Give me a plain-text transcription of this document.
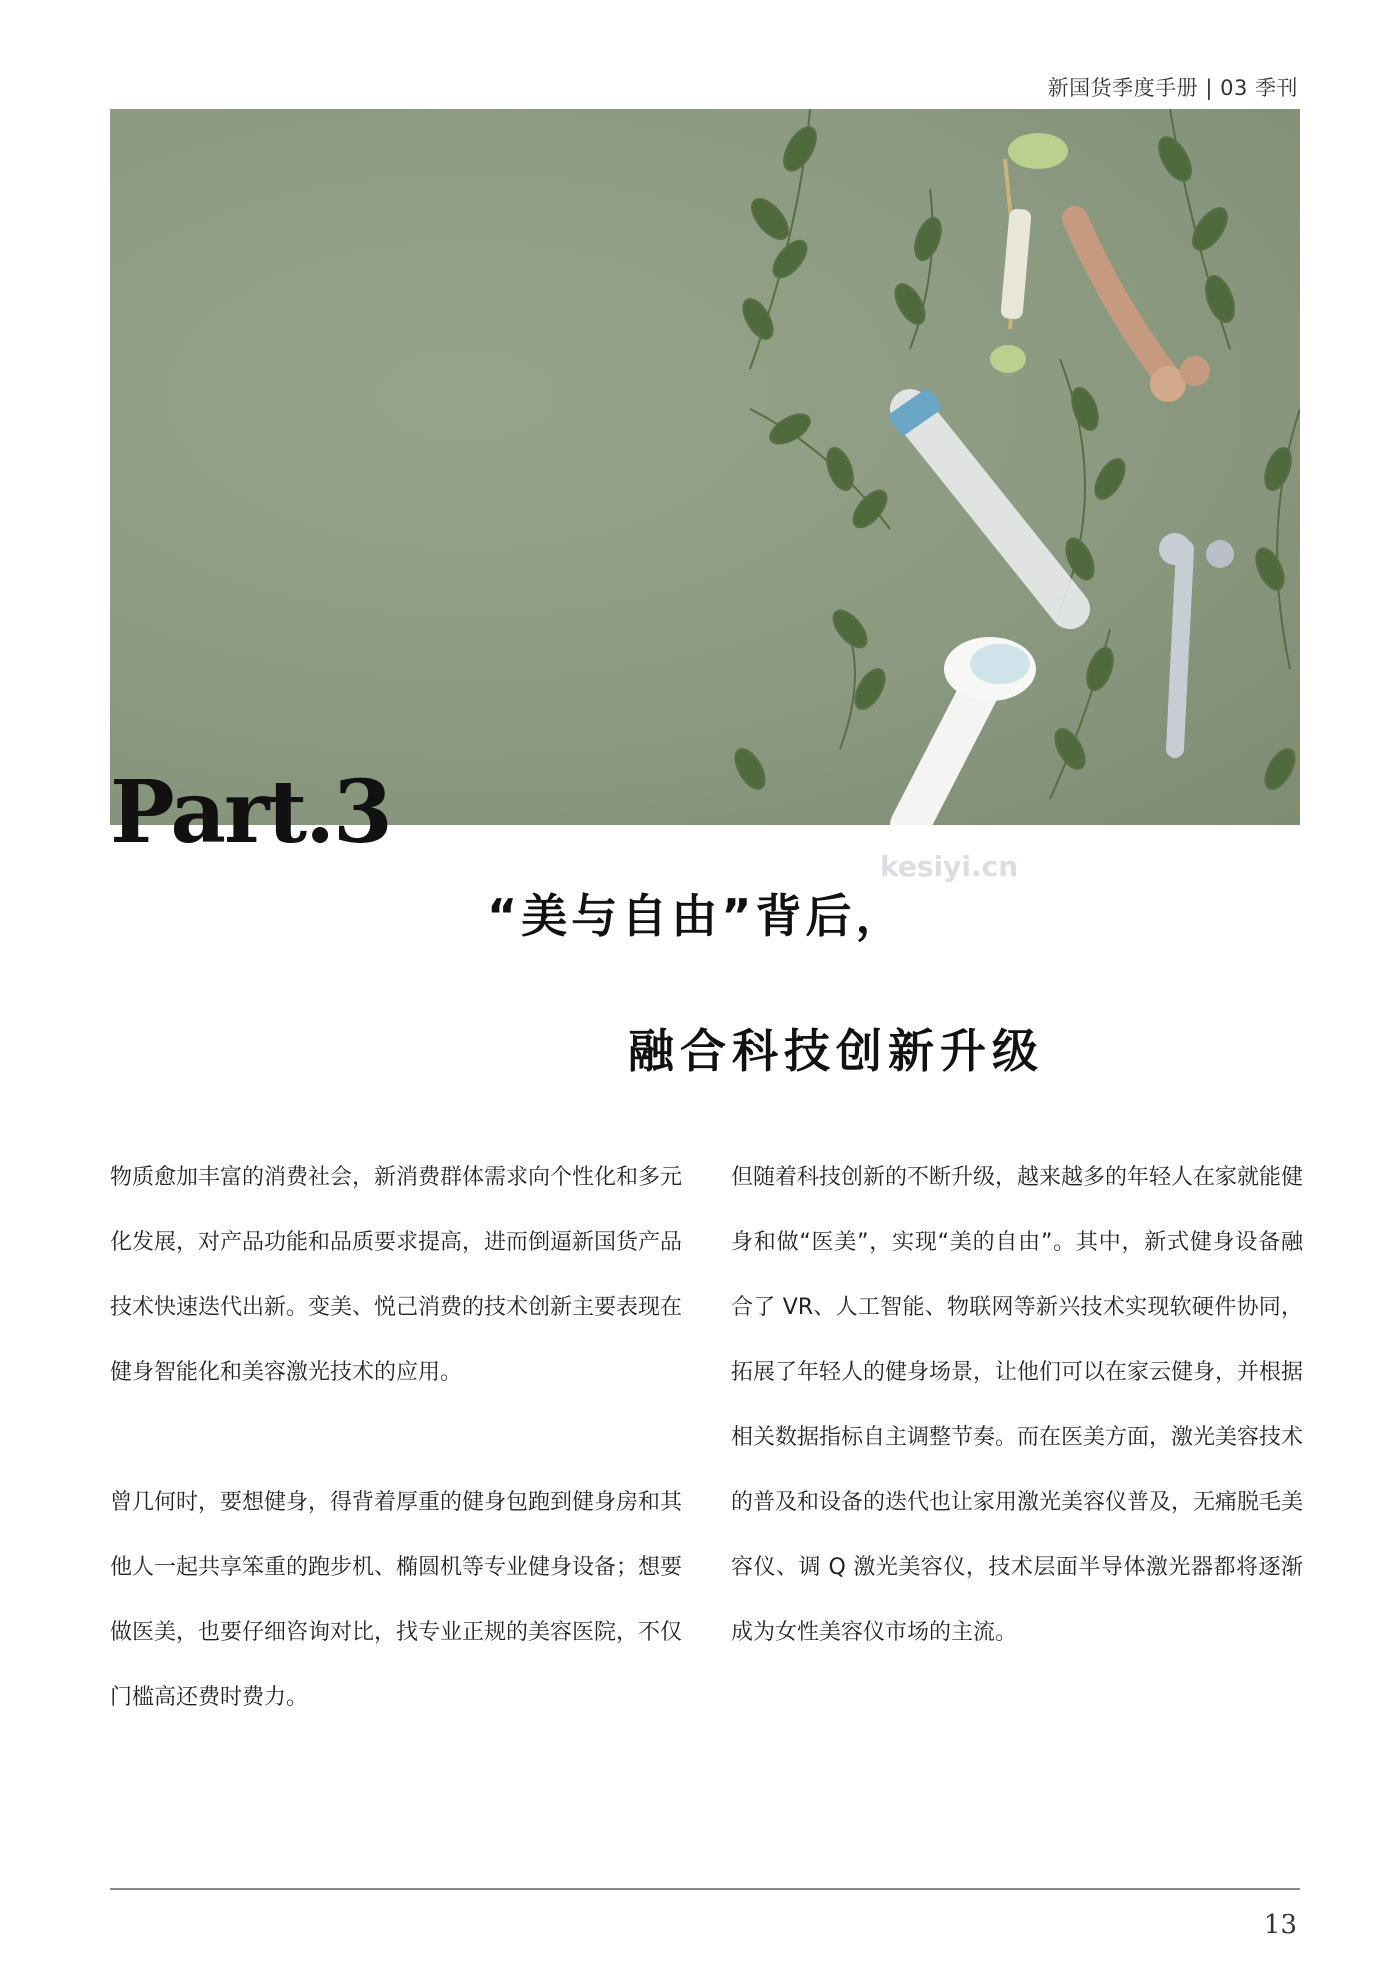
新国货季度手册 | 03 季刊
Part.3
“美与自由”背后，
融合科技创新升级
kesiyi.cn

物质愈加丰富的消费社会，新消费群体需求向个性化和多元化发展，对产品功能和品质要求提高，进而倒逼新国货产品技术快速迭代出新。变美、悦己消费的技术创新主要表现在健身智能化和美容激光技术的应用。

曾几何时，要想健身，得背着厚重的健身包跑到健身房和其他人一起共享笨重的跑步机、椭圆机等专业健身设备；想要做医美，也要仔细咨询对比，找专业正规的美容医院，不仅门槛高还费时费力。

但随着科技创新的不断升级，越来越多的年轻人在家就能健身和做“医美”，实现“美的自由”。其中，新式健身设备融合了 VR、人工智能、物联网等新兴技术实现软硬件协同，拓展了年轻人的健身场景，让他们可以在家云健身，并根据相关数据指标自主调整节奏。而在医美方面，激光美容技术的普及和设备的迭代也让家用激光美容仪普及，无痛脱毛美容仪、调 Q 激光美容仪，技术层面半导体激光器都将逐渐成为女性美容仪市场的主流。

13
